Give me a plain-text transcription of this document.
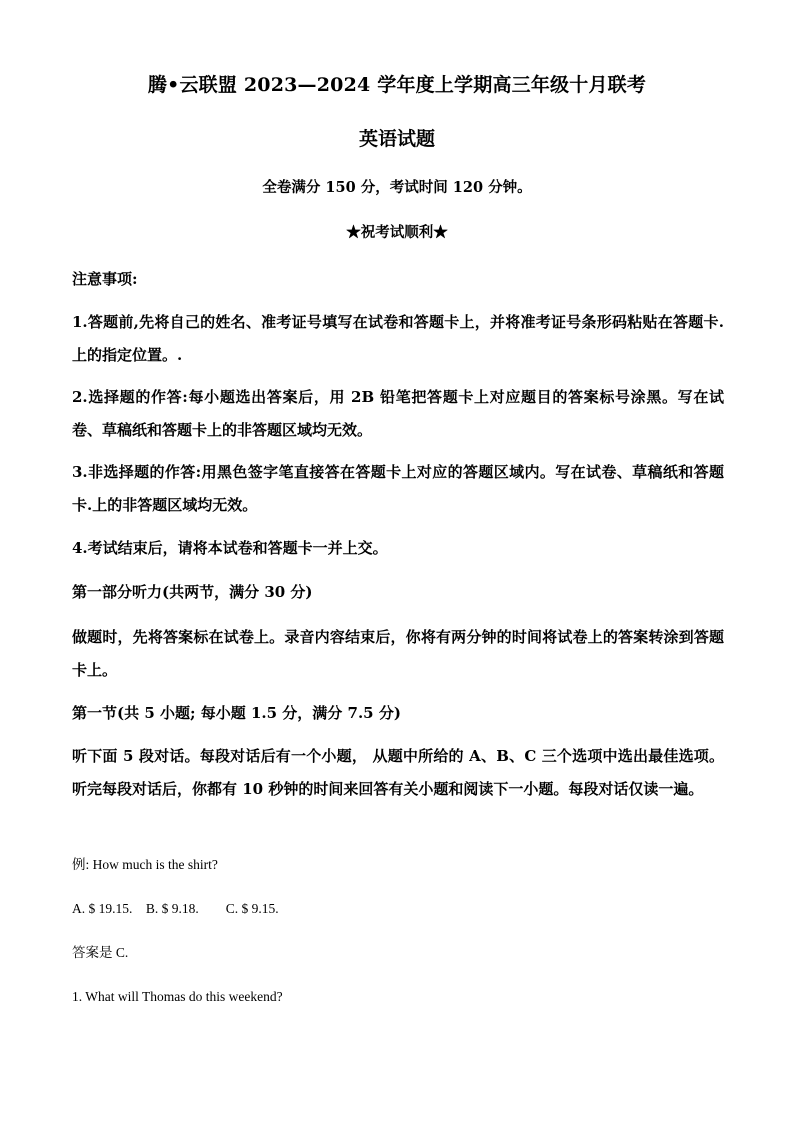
腾•云联盟 2023—2024 学年度上学期高三年级十月联考
英语试题

全卷满分 150 分，考试时间 120 分钟。

★祝考试顺利★

注意事项:

1.答题前,先将自己的姓名、准考证号填写在试卷和答题卡上，并将准考证号条形码粘贴在答题卡.上的指定位置。.

2.选择题的作答:每小题选出答案后，用 2B 铅笔把答题卡上对应题目的答案标号涂黑。写在试卷、草稿纸和答题卡上的非答题区域均无效。

3.非选择题的作答:用黑色签字笔直接答在答题卡上对应的答题区域内。写在试卷、草稿纸和答题卡.上的非答题区域均无效。

4.考试结束后，请将本试卷和答题卡一并上交。

第一部分听力(共两节，满分 30 分)

做题时，先将答案标在试卷上。录音内容结束后，你将有两分钟的时间将试卷上的答案转涂到答题卡上。

第一节(共 5 小题; 每小题 1.5 分，满分 7.5 分)

听下面 5 段对话。每段对话后有一个小题， 从题中所给的 A、B、C 三个选项中选出最佳选项。听完每段对话后，你都有 10 秒钟的时间来回答有关小题和阅读下一小题。每段对话仅读一遍。

例: How much is the shirt?

A. $ 19.15.    B. $ 9.18.        C. $ 9.15.

答案是 C.

1. What will Thomas do this weekend?
